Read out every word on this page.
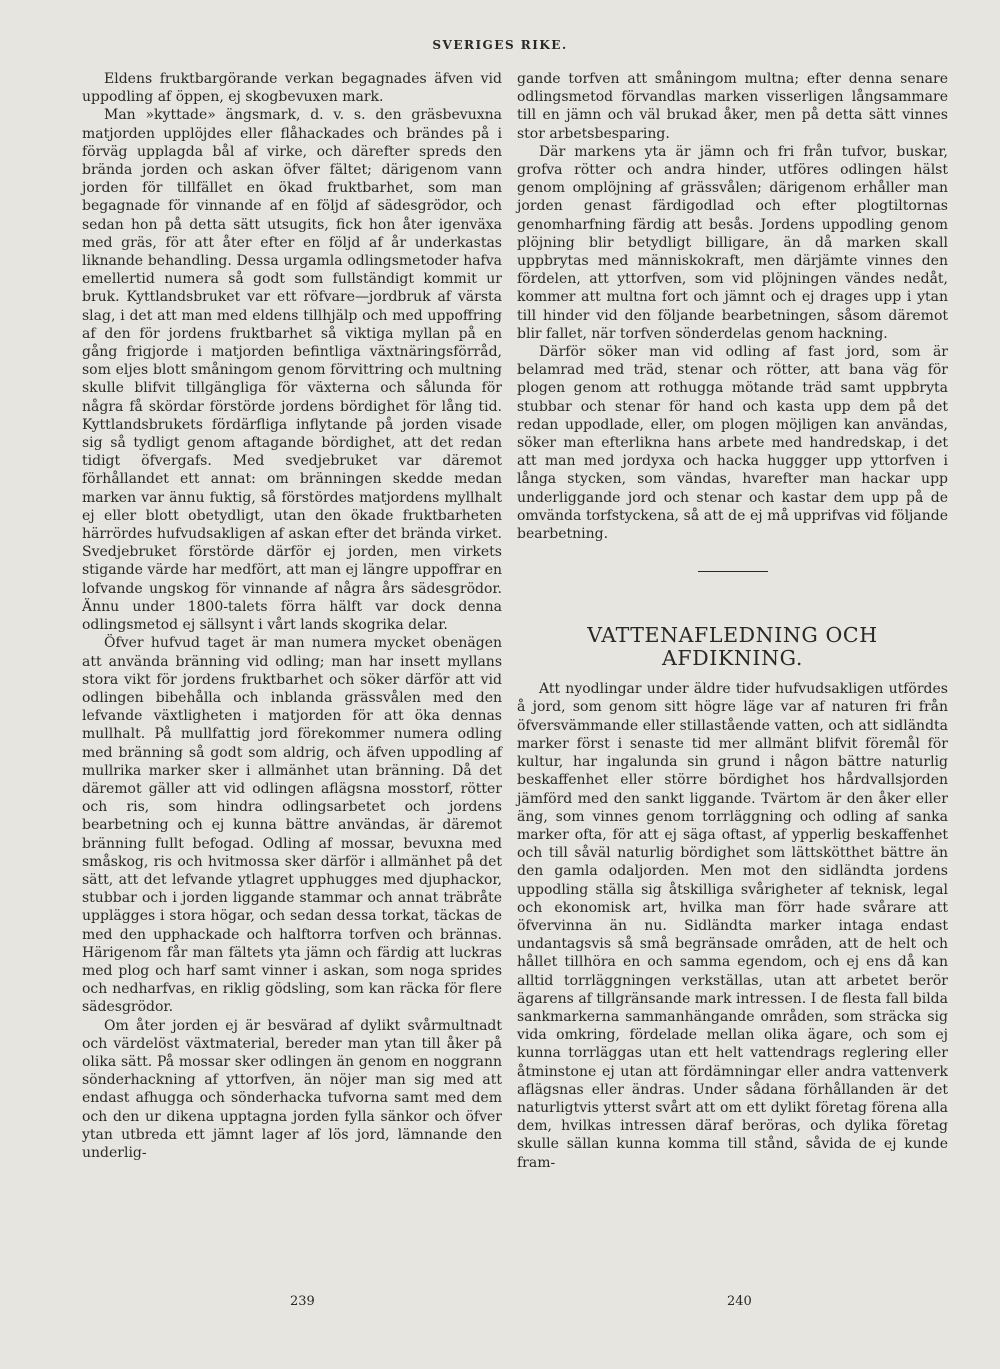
SVERIGES RIKE.

Eldens fruktbargörande verkan begagnades äfven vid uppodling af öppen, ej skogbevuxen mark.

Man »kyttade» ängsmark, d. v. s. den gräsbevuxna matjorden upplöjdes eller flåhackades och brändes på i förväg upplagda bål af virke, och därefter spreds den brända jorden och askan öfver fältet; därigenom vann jorden för tillfället en ökad fruktbarhet, som man begagnade för vinnande af en följd af sädesgrödor, och sedan hon på detta sätt utsugits, fick hon åter igenväxa med gräs, för att åter efter en följd af år underkastas liknande behandling. Dessa urgamla odlingsmetoder hafva emellertid numera så godt som fullständigt kommit ur bruk. Kyttlandsbruket var ett röfvare—jordbruk af värsta slag, i det att man med eldens tillhjälp och med uppoffring af den för jordens fruktbarhet så viktiga myllan på en gång frigjorde i matjorden befintliga växtnäringsförråd, som eljes blott småningom genom förvittring och multning skulle blifvit tillgängliga för växterna och sålunda för några få skördar förstörde jordens bördighet för lång tid. Kyttlandsbrukets fördärfliga inflytande på jorden visade sig så tydligt genom aftagande bördighet, att det redan tidigt öfvergafs. Med svedjebruket var däremot förhållandet ett annat: om bränningen skedde medan marken var ännu fuktig, så förstördes matjordens myllhalt ej eller blott obetydligt, utan den ökade fruktbarheten härrördes hufvudsakligen af askan efter det brända virket. Svedjebruket förstörde därför ej jorden, men virkets stigande värde har medfört, att man ej längre uppoffrar en lofvande ungskog för vinnande af några års sädesgrödor. Ännu under 1800-talets förra hälft var dock denna odlingsmetod ej sällsynt i vårt lands skogrika delar.

Öfver hufvud taget är man numera mycket obenägen att använda bränning vid odling; man har insett myllans stora vikt för jordens fruktbarhet och söker därför att vid odlingen bibehålla och inblanda grässvålen med den lefvande växtligheten i matjorden för att öka dennas mullhalt. På mullfattig jord förekommer numera odling med bränning så godt som aldrig, och äfven uppodling af mullrika marker sker i allmänhet utan bränning. Då det däremot gäller att vid odlingen aflägsna mosstorf, rötter och ris, som hindra odlingsarbetet och jordens bearbetning och ej kunna bättre användas, är däremot bränning fullt befogad. Odling af mossar, bevuxna med småskog, ris och hvitmossa sker därför i allmänhet på det sätt, att det lefvande ytlagret upphugges med djuphackor, stubbar och i jorden liggande stammar och annat träbråte uppläggеs i stora högar, och sedan dessa torkat, täckas de med den upphackade och halftorra torfven och brännas. Härigenom får man fältets yta jämn och färdig att luckras med plog och harf samt vinner i askan, som noga sprides och nedharfvas, en riklig gödsling, som kan räcka för flere sädesgrödor.

Om åter jorden ej är besvärad af dylikt svårmultnadt och värdelöst växtmaterial, bereder man ytan till åker på olika sätt. På mossar sker odlingen än genom en noggrann sönderhackning af yttorfven, än nöjer man sig med att endast afhugga och sönderhacka tufvorna samt med dem och den ur dikena upptagna jorden fylla sänkor och öfver ytan utbreda ett jämnt lager af lös jord, lämnande den underlig-

gande torfven att småningom multna; efter denna senare odlingsmetod förvandlas marken visserligen långsammare till en jämn och väl brukad åker, men på detta sätt vinnes stor arbetsbesparing.

Där markens yta är jämn och fri från tufvor, buskar, grofva rötter och andra hinder, utföres odlingen hälst genom omplöjning af grässvålen; därigenom erhåller man jorden genast färdigodlad och efter plogtiltornas genomharfning färdig att besås. Jordens uppodling genom plöjning blir betydligt billigare, än då marken skall uppbrytas med människokraft, men därjämte vinnes den fördelen, att yttorfven, som vid plöjningen vändes nedåt, kommer att multna fort och jämnt och ej drages upp i ytan till hinder vid den följande bearbetningen, såsom däremot blir fallet, när torfven sönderdelas genom hackning.

Därför söker man vid odling af fast jord, som är belamrad med träd, stenar och rötter, att bana väg för plogen genom att rothugga mötande träd samt uppbryta stubbar och stenar för hand och kasta upp dem på det redan uppodlade, eller, om plogen möjligen kan användas, söker man efterlikna hans arbete med handredskap, i det att man med jordyxa och hacka huggger upp yttorfven i långa stycken, som vändas, hvarefter man hackar upp underliggande jord och stenar och kastar dem upp på de omvända torfstyckena, så att de ej må upprifvas vid följande bearbetning.

VATTENAFLEDNING OCH
AFDIKNING.

Att nyodlingar under äldre tider hufvudsakligen utfördes å jord, som genom sitt högre läge var af naturen fri från öfversvämmande eller stillastående vatten, och att sidländta marker först i senaste tid mer allmänt blifvit föremål för kultur, har ingalunda sin grund i någon bättre naturlig beskaffenhet eller större bördighet hos hårdvallsjorden jämförd med den sankt liggande. Tvärtom är den åker eller äng, som vinnes genom torrläggning och odling af sanka marker ofta, för att ej säga oftast, af ypperlig beskaffenhet och till såväl naturlig bördighet som lättskötthet bättre än den gamla odaljorden. Men mot den sidländta jordens uppodling ställa sig åtskilliga svårigheter af teknisk, legal och ekonomisk art, hvilka man förr hade svårare att öfvervinna än nu. Sidländta marker intaga endast undantagsvis så små begränsade områden, att de helt och hållet tillhöra en och samma egendom, och ej ens då kan alltid torrläggningen verkställas, utan att arbetet berör ägarens af tillgränsande mark intressen. I de flesta fall bilda sankmarkerna sammanhängande områden, som sträcka sig vida omkring, fördelade mellan olika ägare, och som ej kunna torrläggas utan ett helt vattendrags reglering eller åtminstone ej utan att fördämningar eller andra vattenverk aflägsnas eller ändras. Under sådana förhållanden är det naturligtvis ytterst svårt att om ett dylikt företag förena alla dem, hvilkas intressen däraf beröras, och dylika företag skulle sällan kunna komma till stånd, såvida de ej kunde fram-

239	240
